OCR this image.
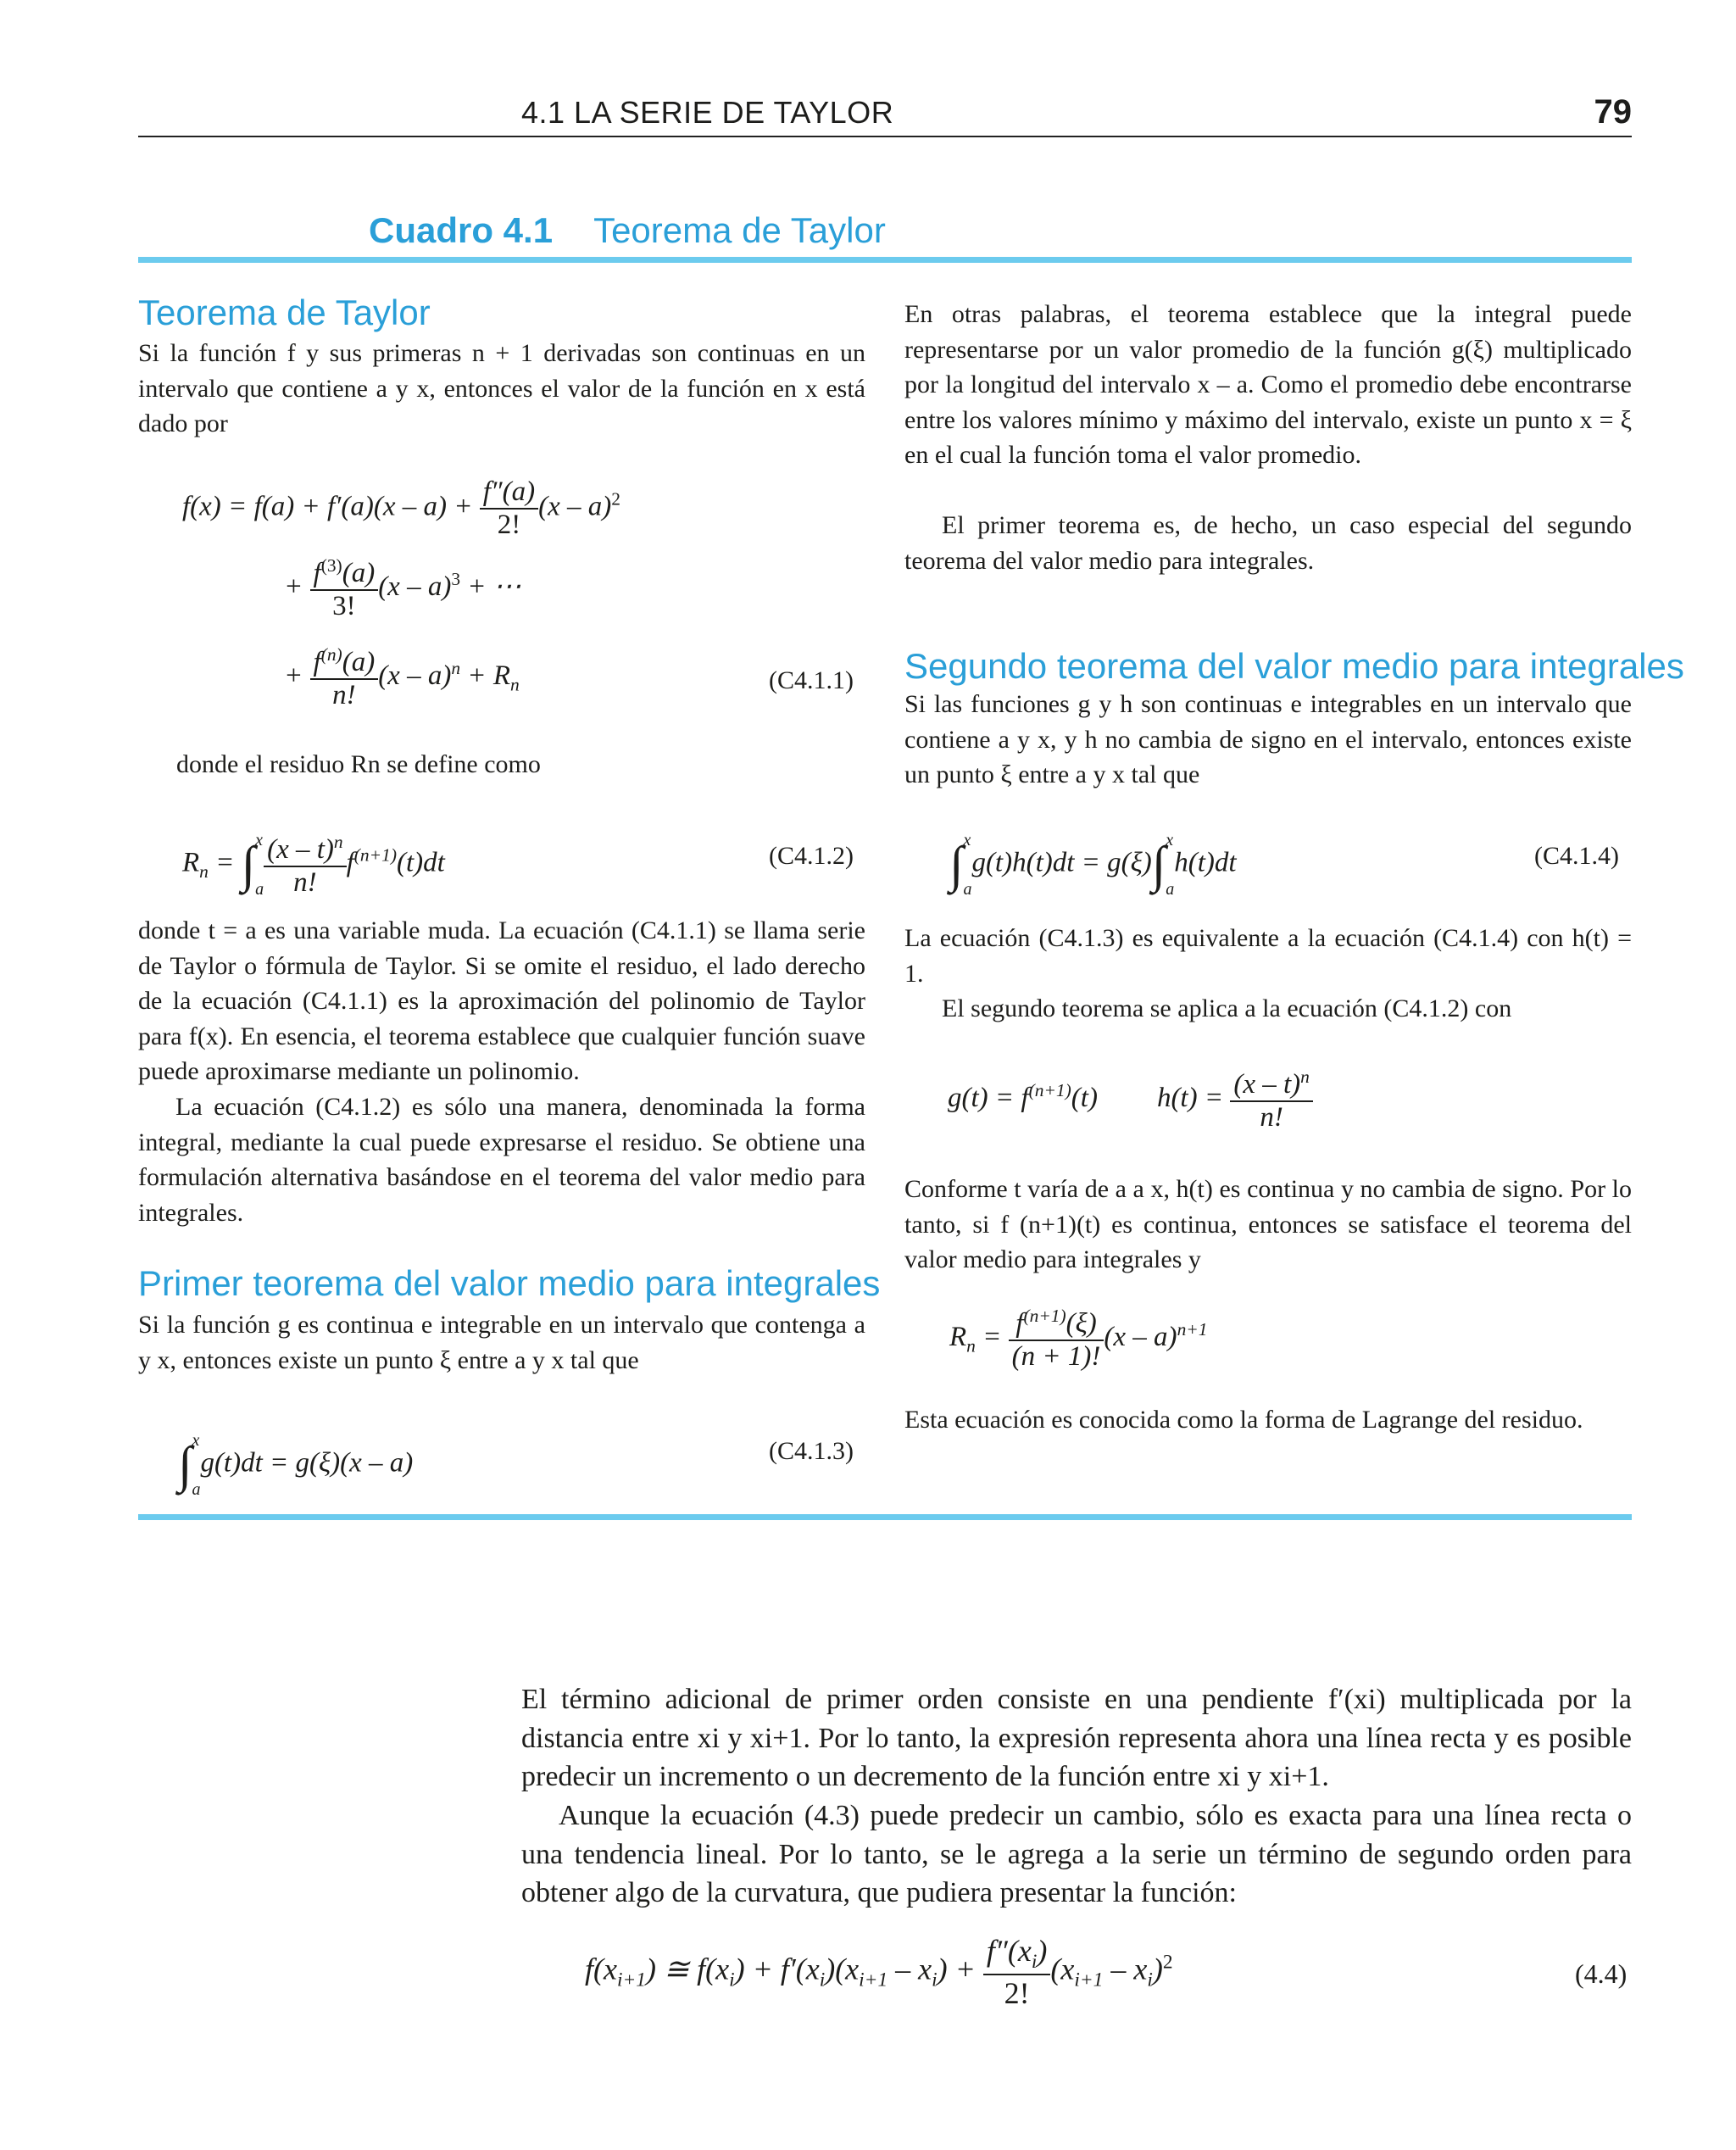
4.1 LA SERIE DE TAYLOR	79
Cuadro 4.1 Teorema de Taylor
Teorema de Taylor
Si la función f y sus primeras n + 1 derivadas son continuas en un intervalo que contiene a y x, entonces el valor de la función en x está dado por
$f(x) = f(a) + f'(a)(x - a) + \frac{f''(a)}{2!} (x - a)^2$
+ $\frac{f^{(3)}(a)}{3!} (x - a)^3$ + ⋯
+ $\frac{f^{(n)}(a)}{n!} (x - a)^n + R_n$	(C4.1.1)
donde el residuo Rn se define como
$R_n$ = ∫ x
a $\frac{(x - t)^n}{n!} f^{(n+1)}(t)dt$	(C4.1.2)
donde t = a es una variable muda. La ecuación (C4.1.1) se llama serie de Taylor o fórmula de Taylor. Si se omite el residuo, el lado derecho de la ecuación (C4.1.1) es la aproximación del polinomio de Taylor para f(x). En esencia, el teorema establece que cualquier función suave puede aproximarse mediante un polinomio.
La ecuación (C4.1.2) es sólo una manera, denominada la forma integral, mediante la cual puede expresarse el residuo. Se obtiene una formulación alternativa basándose en el teorema del valor medio para integrales.
Primer teorema del valor medio para integrales
Si la función g es continua e integrable en un intervalo que contenga a y x, entonces existe un punto ξ entre a y x tal que
∫ x
a
g(t)dt = g(ξ)(x – a)	(C4.1.3)
En otras palabras, el teorema establece que la integral puede representarse por un valor promedio de la función g(ξ) multiplicado por la longitud del intervalo x – a. Como el promedio debe encontrarse entre los valores mínimo y máximo del intervalo, existe un punto x = ξ en el cual la función toma el valor promedio.
El primer teorema es, de hecho, un caso especial del segundo teorema del valor medio para integrales.
Segundo teorema del valor medio para integrales
Si las funciones g y h son continuas e integrables en un intervalo que contiene a y x, y h no cambia de signo en el intervalo, entonces existe un punto ξ entre a y x tal que
∫ x
a
g(t)h(t)dt = g(ξ)∫ x
a
h(t)dt	(C4.1.4)
La ecuación (C4.1.3) es equivalente a la ecuación (C4.1.4) con h(t) = 1.
El segundo teorema se aplica a la ecuación (C4.1.2) con
$g(t) = f^{(n+1)}(t) h(t) = \frac{(x - t)^n}{n!}$
Conforme t varía de a a x, h(t) es continua y no cambia de signo. Por lo tanto, si f (n+1)(t) es continua, entonces se satisface el teorema del valor medio para integrales y
$R_n = \frac{f^{(n+1)}(\xi)}{(n + 1)!} (x - a)^{n+1}$
Esta ecuación es conocida como la forma de Lagrange del residuo.
El término adicional de primer orden consiste en una pendiente f′(xi) multiplicada por la distancia entre xi y xi+1. Por lo tanto, la expresión representa ahora una línea recta y es posible predecir un incremento o un decremento de la función entre xi y xi+1.
Aunque la ecuación (4.3) puede predecir un cambio, sólo es exacta para una línea recta o una tendencia lineal. Por lo tanto, se le agrega a la serie un término de segundo orden para obtener algo de la curvatura, que pudiera presentar la función:
$f(x_{i+1})$ ≅ $f(x_i) + f'(x_i)(x_{i+1} - x_i) + \frac{f''(x_i)}{2!} (x_{i+1} - x_i)^2$	(4.4)
